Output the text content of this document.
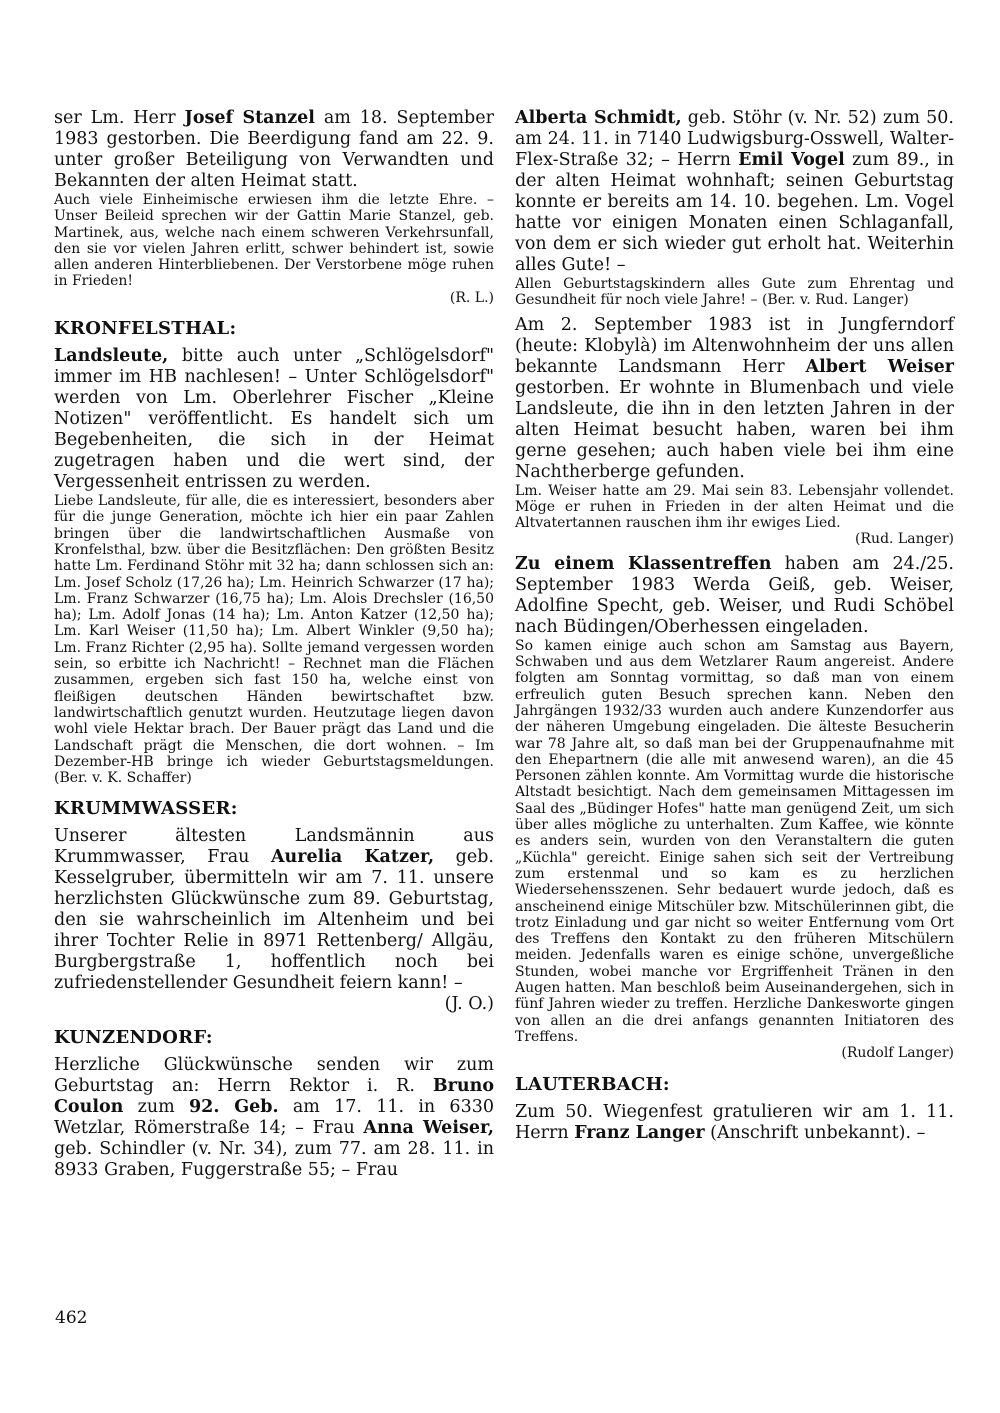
ser Lm. Herr Josef Stanzel am 18. September 1983 gestorben. Die Beerdigung fand am 22. 9. unter großer Beteiligung von Verwandten und Bekannten der alten Heimat statt.

Auch viele Einheimische erwiesen ihm die letzte Ehre. – Unser Beileid sprechen wir der Gattin Marie Stanzel, geb. Martinek, aus, welche nach einem schweren Verkehrsunfall, den sie vor vielen Jahren erlitt, schwer behindert ist, sowie allen anderen Hinterbliebenen. Der Verstorbene möge ruhen in Frieden!
(R. L.)

KRONFELSTHAL:

Landsleute, bitte auch unter „Schlögelsdorf" immer im HB nachlesen! – Unter Schlögelsdorf" werden von Lm. Oberlehrer Fischer „Kleine Notizen" veröffentlicht. Es handelt sich um Begebenheiten, die sich in der Heimat zugetragen haben und die wert sind, der Vergessenheit entrissen zu werden.

Liebe Landsleute, für alle, die es interessiert, besonders aber für die junge Generation, möchte ich hier ein paar Zahlen bringen über die landwirtschaftlichen Ausmaße von Kronfelsthal, bzw. über die Besitzflächen: Den größten Besitz hatte Lm. Ferdinand Stöhr mit 32 ha; dann schlossen sich an: Lm. Josef Scholz (17,26 ha); Lm. Heinrich Schwarzer (17 ha); Lm. Franz Schwarzer (16,75 ha); Lm. Alois Drechsler (16,50 ha); Lm. Adolf Jonas (14 ha); Lm. Anton Katzer (12,50 ha); Lm. Karl Weiser (11,50 ha); Lm. Albert Winkler (9,50 ha); Lm. Franz Richter (2,95 ha). Sollte jemand vergessen worden sein, so erbitte ich Nachricht! – Rechnet man die Flächen zusammen, ergeben sich fast 150 ha, welche einst von fleißigen deutschen Händen bewirtschaftet bzw. landwirtschaftlich genutzt wurden. Heutzutage liegen davon wohl viele Hektar brach. Der Bauer prägt das Land und die Landschaft prägt die Menschen, die dort wohnen. – Im Dezember-HB bringe ich wieder Geburtstagsmeldungen. (Ber. v. K. Schaffer)

KRUMMWASSER:

Unserer ältesten Landsmännin aus Krummwasser, Frau Aurelia Katzer, geb. Kesselgruber, übermitteln wir am 7. 11. unsere herzlichsten Glückwünsche zum 89. Geburtstag, den sie wahrscheinlich im Altenheim und bei ihrer Tochter Relie in 8971 Rettenberg/ Allgäu, Burgbergstraße 1, hoffentlich noch bei zufriedenstellender Gesundheit feiern kann! –
(J. O.)

KUNZENDORF:

Herzliche Glückwünsche senden wir zum Geburtstag an: Herrn Rektor i. R. Bruno Coulon zum 92. Geb. am 17. 11. in 6330 Wetzlar, Römerstraße 14; – Frau Anna Weiser, geb. Schindler (v. Nr. 34), zum 77. am 28. 11. in 8933 Graben, Fuggerstraße 55; – Frau

Alberta Schmidt, geb. Stöhr (v. Nr. 52) zum 50. am 24. 11. in 7140 Ludwigsburg-Osswell, Walter-Flex-Straße 32; – Herrn Emil Vogel zum 89., in der alten Heimat wohnhaft; seinen Geburtstag konnte er bereits am 14. 10. begehen. Lm. Vogel hatte vor einigen Monaten einen Schlaganfall, von dem er sich wieder gut erholt hat. Weiterhin alles Gute! –

Allen Geburtstagskindern alles Gute zum Ehrentag und Gesundheit für noch viele Jahre! – (Ber. v. Rud. Langer)

Am 2. September 1983 ist in Jungferndorf (heute: Klobylà) im Altenwohnheim der uns allen bekannte Landsmann Herr Albert Weiser gestorben. Er wohnte in Blumenbach und viele Landsleute, die ihn in den letzten Jahren in der alten Heimat besucht haben, waren bei ihm gerne gesehen; auch haben viele bei ihm eine Nachtherberge gefunden.

Lm. Weiser hatte am 29. Mai sein 83. Lebensjahr vollendet. Möge er ruhen in Frieden in der alten Heimat und die Altvatertannen rauschen ihm ihr ewiges Lied.
(Rud. Langer)

Zu einem Klassentreffen haben am 24./25. September 1983 Werda Geiß, geb. Weiser, Adolfine Specht, geb. Weiser, und Rudi Schöbel nach Büdingen/Oberhessen eingeladen.

So kamen einige auch schon am Samstag aus Bayern, Schwaben und aus dem Wetzlarer Raum angereist. Andere folgten am Sonntag vormittag, so daß man von einem erfreulich guten Besuch sprechen kann. Neben den Jahrgängen 1932/33 wurden auch andere Kunzendorfer aus der näheren Umgebung eingeladen. Die älteste Besucherin war 78 Jahre alt, so daß man bei der Gruppenaufnahme mit den Ehepartnern (die alle mit anwesend waren), an die 45 Personen zählen konnte. Am Vormittag wurde die historische Altstadt besichtigt. Nach dem gemeinsamen Mittagessen im Saal des „Büdinger Hofes" hatte man genügend Zeit, um sich über alles mögliche zu unterhalten. Zum Kaffee, wie könnte es anders sein, wurden von den Veranstaltern die guten „Küchla" gereicht. Einige sahen sich seit der Vertreibung zum erstenmal und so kam es zu herzlichen Wiedersehensszenen. Sehr bedauert wurde jedoch, daß es anscheinend einige Mitschüler bzw. Mitschülerinnen gibt, die trotz Einladung und gar nicht so weiter Entfernung vom Ort des Treffens den Kontakt zu den früheren Mitschülern meiden. Jedenfalls waren es einige schöne, unvergeßliche Stunden, wobei manche vor Ergriffenheit Tränen in den Augen hatten. Man beschloß beim Auseinandergehen, sich in fünf Jahren wieder zu treffen. Herzliche Dankesworte gingen von allen an die drei anfangs genannten Initiatoren des Treffens.
(Rudolf Langer)

LAUTERBACH:

Zum 50. Wiegenfest gratulieren wir am 1. 11. Herrn Franz Langer (Anschrift unbekannt). –

462
